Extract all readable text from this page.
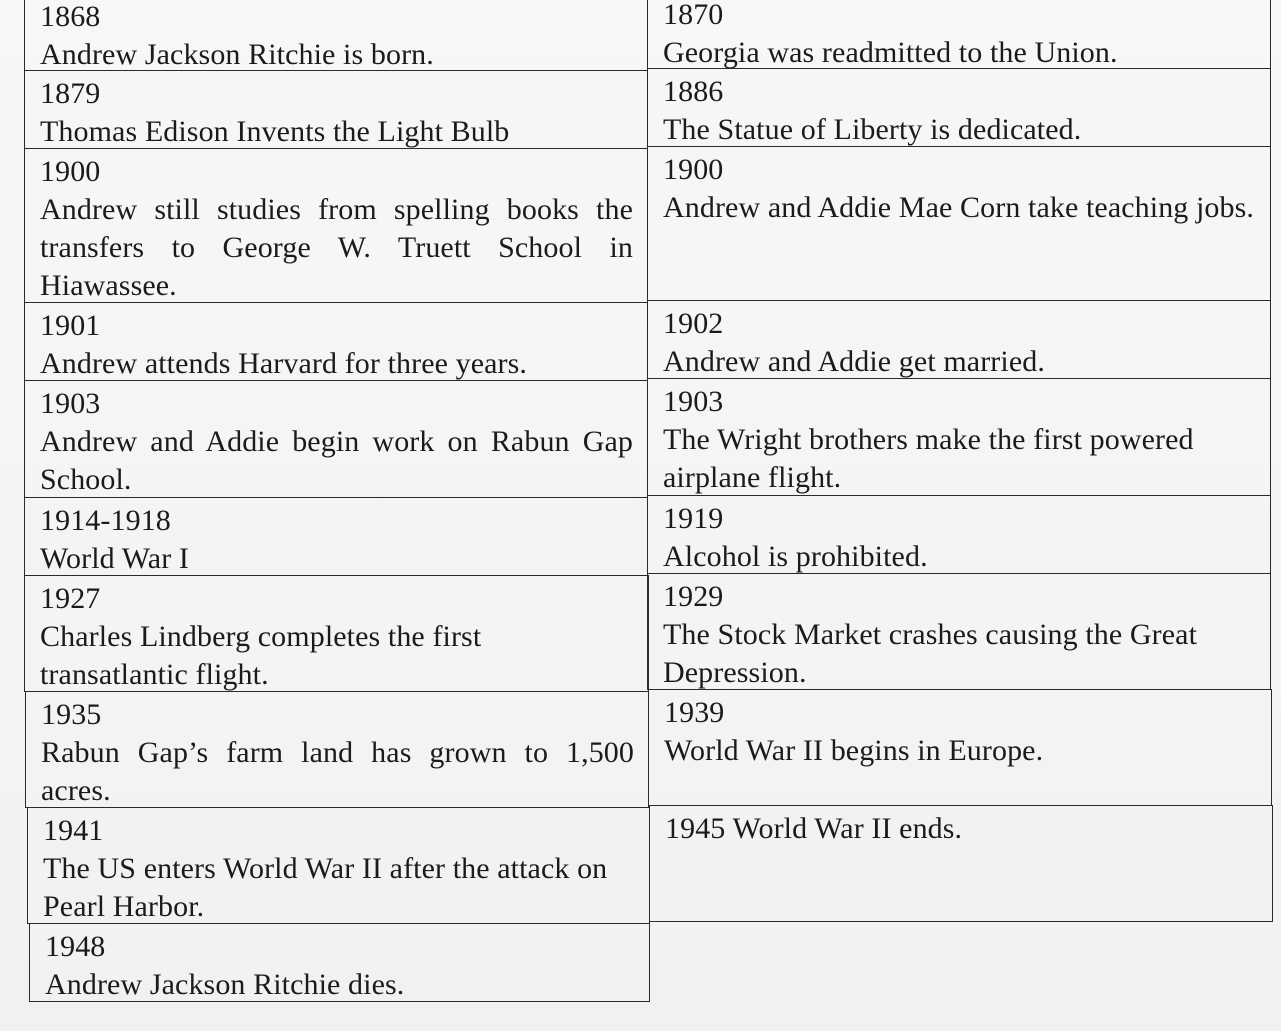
1868
Andrew Jackson Ritchie is born.
1879
Thomas Edison Invents the Light Bulb
1900
Andrew still studies from spelling books the transfers to George W. Truett School in Hiawassee.
1901
Andrew attends Harvard for three years.
1903
Andrew and Addie begin work on Rabun Gap School.
1914-1918
World War I
1927
Charles Lindberg completes the first transatlantic flight.
1935
Rabun Gap’s farm land has grown to 1,500 acres.
1941
The US enters World War II after the attack on Pearl Harbor.
1948
Andrew Jackson Ritchie dies.
1870
Georgia was readmitted to the Union.
1886
The Statue of Liberty is dedicated.
1900
Andrew and Addie Mae Corn take teaching jobs.
1902
Andrew and Addie get married.
1903
The Wright brothers make the first powered airplane flight.
1919
Alcohol is prohibited.
1929
The Stock Market crashes causing the Great Depression.
1939
World War II begins in Europe.
1945 World War II ends.
